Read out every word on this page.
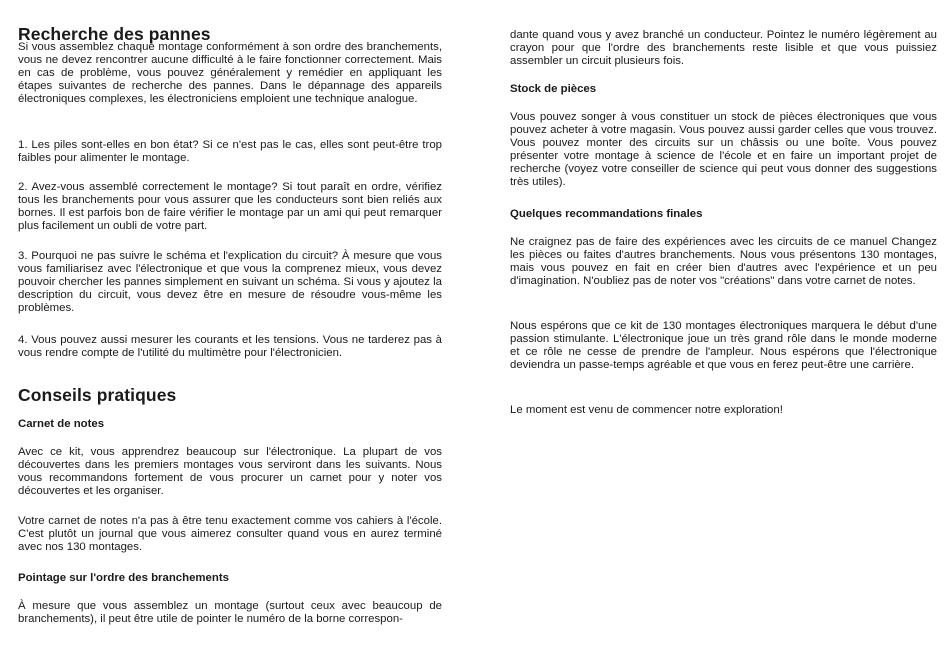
Recherche des pannes

Si vous assemblez chaque montage conformément à son ordre des branchements, vous ne devez rencontrer aucune difficulté à le faire fonctionner correctement. Mais en cas de problème, vous pouvez généralement y remédier en appliquant les étapes suivantes de recherche des pannes. Dans le dépannage des appareils électroniques complexes, les électroniciens emploient une technique analogue.

1. Les piles sont-elles en bon état? Si ce n'est pas le cas, elles sont peut-être trop faibles pour alimenter le montage.

2. Avez-vous assemblé correctement le montage? Si tout paraît en ordre, vérifiez tous les branchements pour vous assurer que les conducteurs sont bien reliés aux bornes. Il est parfois bon de faire vérifier le montage par un ami qui peut remarquer plus facilement un oubli de votre part.

3. Pourquoi ne pas suivre le schéma et l'explication du circuit? À mesure que vous vous familiarisez avec l'électronique et que vous la comprenez mieux, vous devez pouvoir chercher les pannes simplement en suivant un schéma. Si vous y ajoutez la description du circuit, vous devez être en mesure de résoudre vous-même les problèmes.

4. Vous pouvez aussi mesurer les courants et les tensions. Vous ne tarderez pas à vous rendre compte de l'utilité du multimètre pour l'électronicien.

Conseils pratiques
Carnet de notes

Avec ce kit, vous apprendrez beaucoup sur l'électronique. La plupart de vos découvertes dans les premiers montages vous serviront dans les suivants. Nous vous recommandons fortement de vous procurer un carnet pour y noter vos découvertes et les organiser.

Votre carnet de notes n'a pas à être tenu exactement comme vos cahiers à l'école. C'est plutôt un journal que vous aimerez consulter quand vous en aurez terminé avec nos 130 montages.

Pointage sur l'ordre des branchements

À mesure que vous assemblez un montage (surtout ceux avec beaucoup de branchements), il peut être utile de pointer le numéro de la borne correspon-

dante quand vous y avez branché un conducteur. Pointez le numéro légèrement au crayon pour que l'ordre des branchements reste lisible et que vous puissiez assembler un circuit plusieurs fois.

Stock de pièces

Vous pouvez songer à vous constituer un stock de pièces électroniques que vous pouvez acheter à votre magasin. Vous pouvez aussi garder celles que vous trouvez. Vous pouvez monter des circuits sur un châssis ou une boîte. Vous pouvez présenter votre montage à science de l'école et en faire un important projet de recherche (voyez votre conseiller de science qui peut vous donner des suggestions très utiles).

Quelques recommandations finales

Ne craignez pas de faire des expériences avec les circuits de ce manuel Changez les pièces ou faites d'autres branchements. Nous vous présentons 130 montages, mais vous pouvez en fait en créer bien d'autres avec l'expérience et un peu d'imagination. N'oubliez pas de noter vos "créations" dans votre carnet de notes.

Nous espérons que ce kit de 130 montages électroniques marquera le début d'une passion stimulante. L'électronique joue un très grand rôle dans le monde moderne et ce rôle ne cesse de prendre de l'ampleur. Nous espérons que l'électronique deviendra un passe-temps agréable et que vous en ferez peut-être une carrière.

Le moment est venu de commencer notre exploration!
